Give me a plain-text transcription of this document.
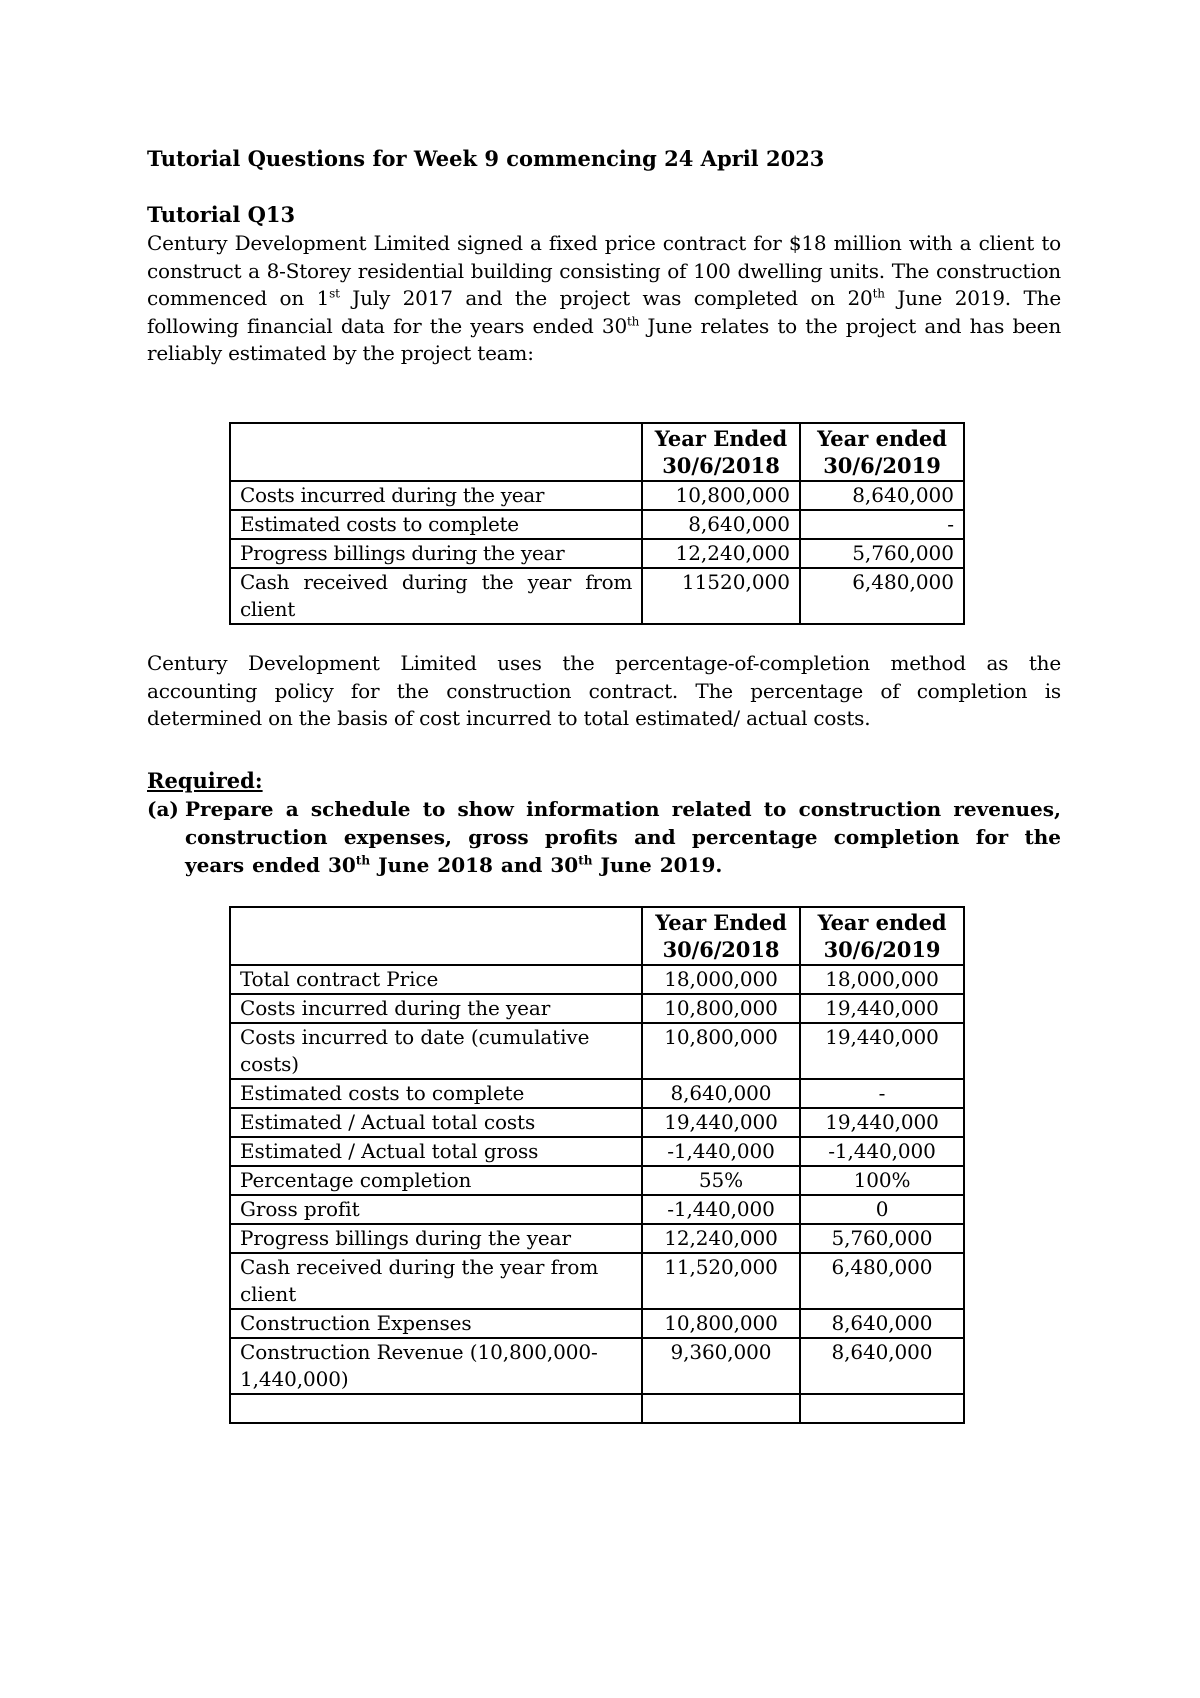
Tutorial Questions for Week 9 commencing 24 April 2023
Tutorial Q13
Century Development Limited signed a fixed price contract for $18 million with a client to construct a 8-Storey residential building consisting of 100 dwelling units. The construction commenced on 1st July 2017 and the project was completed on 20th June 2019. The following financial data for the years ended 30th June relates to the project and has been reliably estimated by the project team:
	Year Ended 30/6/2018	Year ended 30/6/2019
Costs incurred during the year	10,800,000	8,640,000
Estimated costs to complete	8,640,000	-
Progress billings during the year	12,240,000	5,760,000
Cash received during the year from client	11520,000	6,480,000
Century Development Limited uses the percentage-of-completion method as the accounting policy for the construction contract. The percentage of completion is determined on the basis of cost incurred to total estimated/ actual costs.
Required:
(a) Prepare a schedule to show information related to construction revenues, construction expenses, gross profits and percentage completion for the years ended 30th June 2018 and 30th June 2019.
	Year Ended 30/6/2018	Year ended 30/6/2019
Total contract Price	18,000,000	18,000,000
Costs incurred during the year	10,800,000	19,440,000
Costs incurred to date (cumulative costs)	10,800,000	19,440,000
Estimated costs to complete	8,640,000	-
Estimated / Actual total costs	19,440,000	19,440,000
Estimated / Actual total gross	-1,440,000	-1,440,000
Percentage completion	55%	100%
Gross profit	-1,440,000	0
Progress billings during the year	12,240,000	5,760,000
Cash received during the year from client	11,520,000	6,480,000
Construction Expenses	10,800,000	8,640,000
Construction Revenue (10,800,000-1,440,000)	9,360,000	8,640,000
